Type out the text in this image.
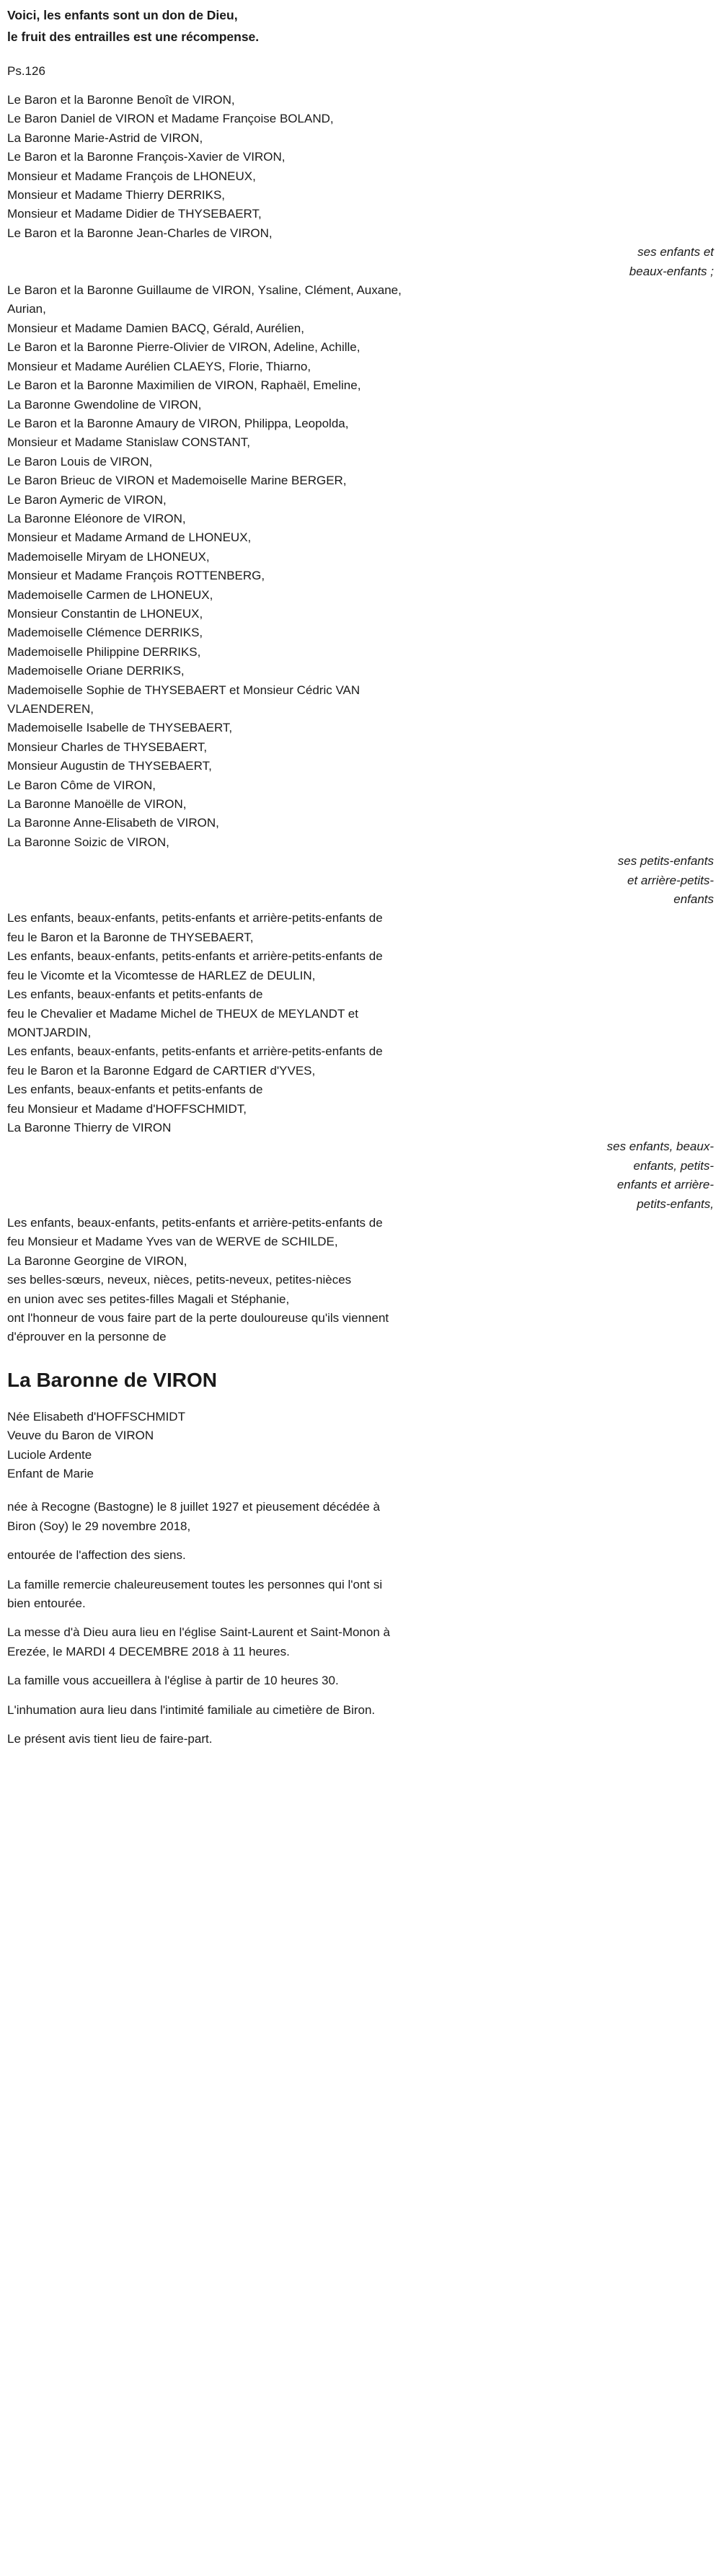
Voici, les enfants sont un don de Dieu,
le fruit des entrailles est une récompense.

Ps.126

Le Baron et la Baronne Benoît de VIRON,
Le Baron Daniel de VIRON et Madame Françoise BOLAND,
La Baronne Marie-Astrid de VIRON,
Le Baron et la Baronne François-Xavier de VIRON,
Monsieur et Madame François de LHONEUX,
Monsieur et Madame Thierry DERRIKS,
Monsieur et Madame Didier de THYSEBAERT,
Le Baron et la Baronne Jean-Charles de VIRON,
ses enfants et
beaux-enfants ;
Le Baron et la Baronne Guillaume de VIRON, Ysaline, Clément, Auxane,
Aurian,
Monsieur et Madame Damien BACQ, Gérald, Aurélien,
Le Baron et la Baronne Pierre-Olivier de VIRON, Adeline, Achille,
Monsieur et Madame Aurélien CLAEYS, Florie, Thiarno,
Le Baron et la Baronne Maximilien de VIRON, Raphaël, Emeline,
La Baronne Gwendoline de VIRON,
Le Baron et la Baronne Amaury de VIRON, Philippa, Leopolda,
Monsieur et Madame Stanislaw CONSTANT,
Le Baron Louis de VIRON,
Le Baron Brieuc de VIRON et Mademoiselle Marine BERGER,
Le Baron Aymeric de VIRON,
La Baronne Eléonore de VIRON,
Monsieur et Madame Armand de LHONEUX,
Mademoiselle Miryam de LHONEUX,
Monsieur et Madame François ROTTENBERG,
Mademoiselle Carmen de LHONEUX,
Monsieur Constantin de LHONEUX,
Mademoiselle Clémence DERRIKS,
Mademoiselle Philippine DERRIKS,
Mademoiselle Oriane DERRIKS,
Mademoiselle Sophie de THYSEBAERT et Monsieur Cédric VAN
VLAENDEREN,
Mademoiselle Isabelle de THYSEBAERT,
Monsieur Charles de THYSEBAERT,
Monsieur Augustin de THYSEBAERT,
Le Baron Côme de VIRON,
La Baronne Manoëlle de VIRON,
La Baronne Anne-Elisabeth de VIRON,
La Baronne Soizic de VIRON,
ses petits-enfants
et arrière-petits-
enfants
Les enfants, beaux-enfants, petits-enfants et arrière-petits-enfants de
feu le Baron et la Baronne de THYSEBAERT,
Les enfants, beaux-enfants, petits-enfants et arrière-petits-enfants de
feu le Vicomte et la Vicomtesse de HARLEZ de DEULIN,
Les enfants, beaux-enfants et petits-enfants de
feu le Chevalier et Madame Michel de THEUX de MEYLANDT et
MONTJARDIN,
Les enfants, beaux-enfants, petits-enfants et arrière-petits-enfants de
feu le Baron et la Baronne Edgard de CARTIER d'YVES,
Les enfants, beaux-enfants et petits-enfants de
feu Monsieur et Madame d'HOFFSCHMIDT,
La Baronne Thierry de VIRON
ses enfants, beaux-
enfants, petits-
enfants et arrière-
petits-enfants,
Les enfants, beaux-enfants, petits-enfants et arrière-petits-enfants de
feu Monsieur et Madame Yves van de WERVE de SCHILDE,
La Baronne Georgine de VIRON,
ses belles-sœurs, neveux, nièces, petits-neveux, petites-nièces
en union avec ses petites-filles Magali et Stéphanie,
ont l'honneur de vous faire part de la perte douloureuse qu'ils viennent
d'éprouver en la personne de
La Baronne de VIRON
Née Elisabeth d'HOFFSCHMIDT
Veuve du Baron de VIRON
Luciole Ardente
Enfant de Marie
née à Recogne (Bastogne) le 8 juillet 1927 et pieusement décédée à
Biron (Soy) le 29 novembre 2018,
entourée de l'affection des siens.
La famille remercie chaleureusement toutes les personnes qui l'ont si
bien entourée.
La messe d'à Dieu aura lieu en l'église Saint-Laurent et Saint-Monon à
Erezée, le MARDI 4 DECEMBRE 2018 à 11 heures.
La famille vous accueillera à l'église à partir de 10 heures 30.
L'inhumation aura lieu dans l'intimité familiale au cimetière de Biron.
Le présent avis tient lieu de faire-part.
